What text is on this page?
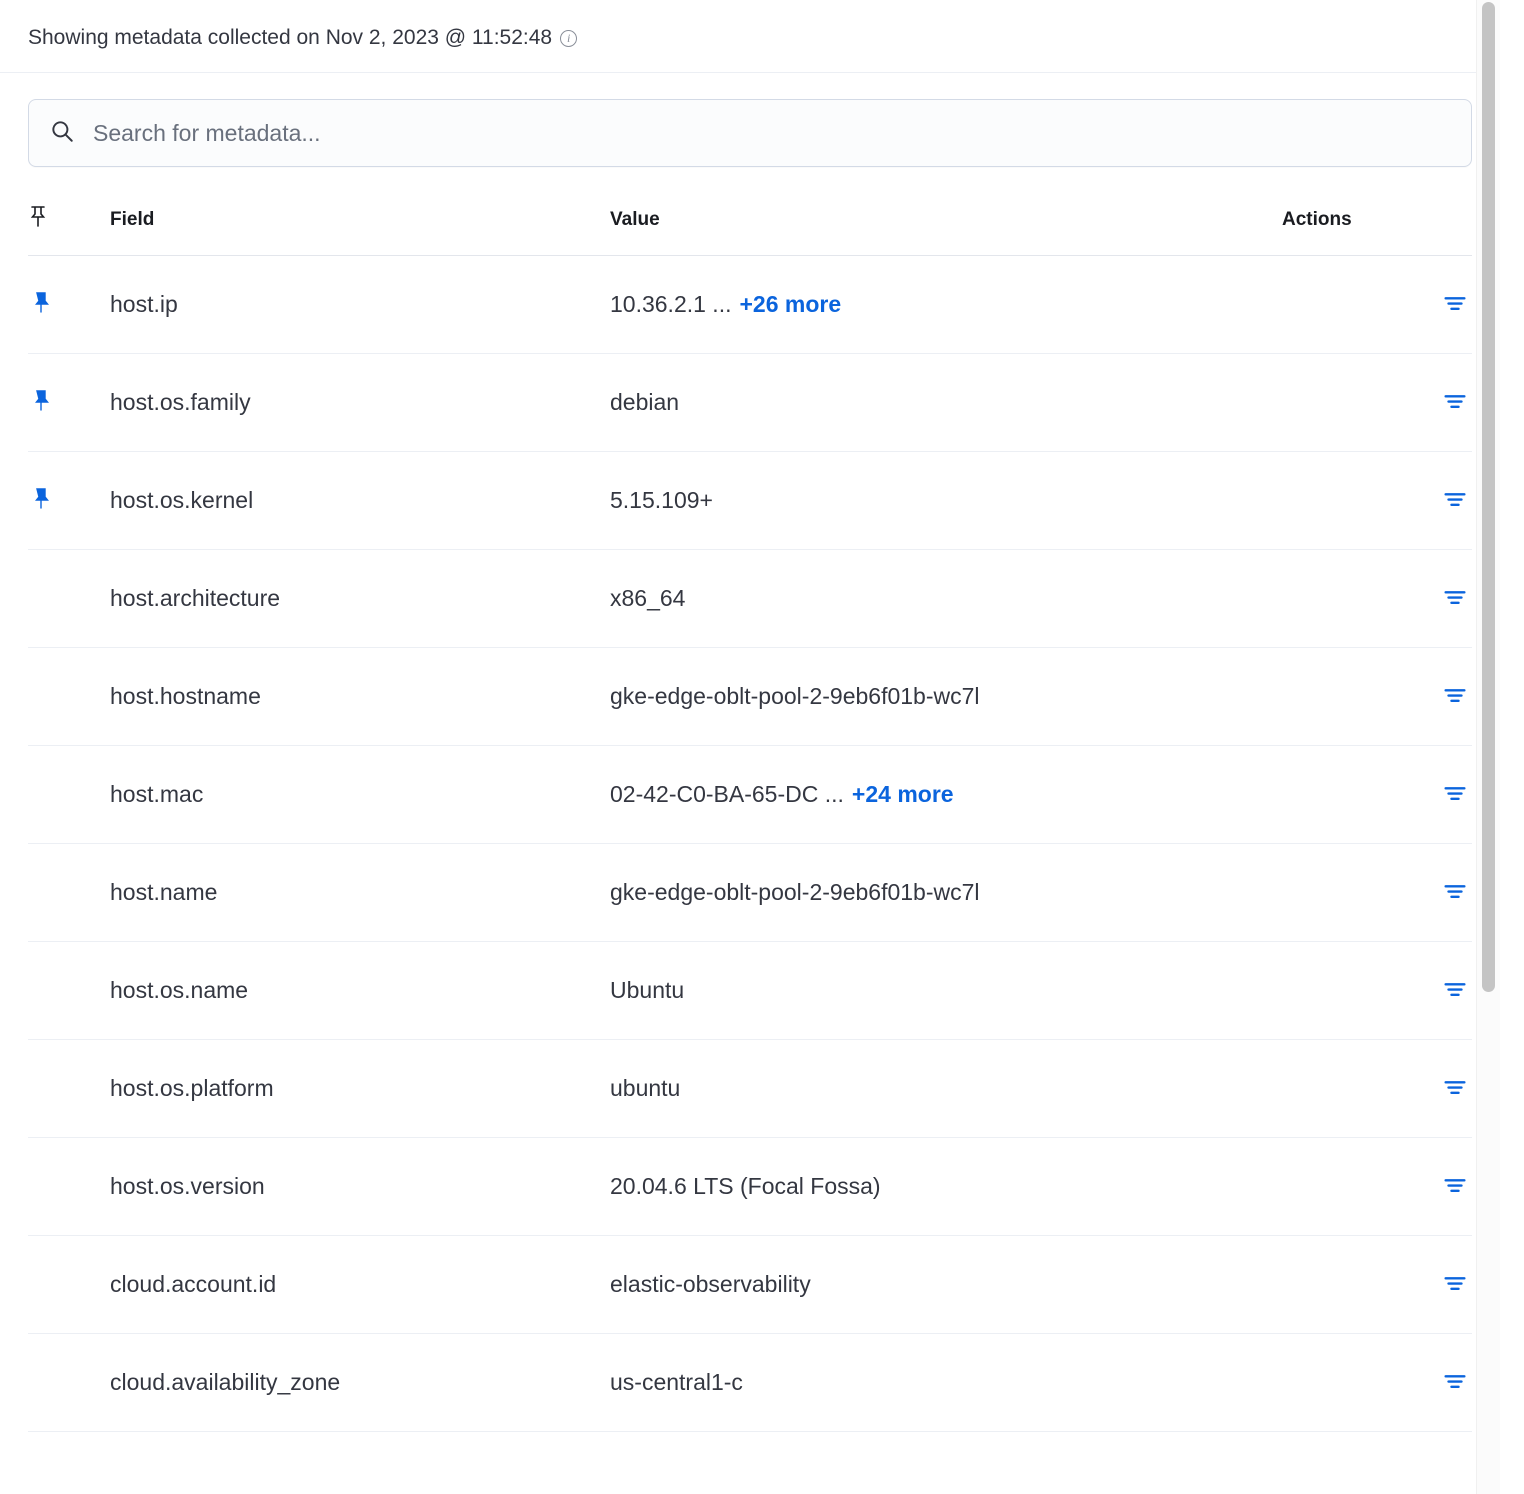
Showing metadata collected on Nov 2, 2023 @ 11:52:48	i
Search for metadata...
	Field	Value	Actions

	host.ip	10.36.2.1 ... +26 more	

	host.os.family	debian	

	host.os.kernel	5.15.109+	

	host.architecture	x86_64	

	host.hostname	gke-edge-oblt-pool-2-9eb6f01b-wc7l	

	host.mac	02-42-C0-BA-65-DC ... +24 more	

	host.name	gke-edge-oblt-pool-2-9eb6f01b-wc7l	

	host.os.name	Ubuntu	

	host.os.platform	ubuntu	

	host.os.version	20.04.6 LTS (Focal Fossa)	

	cloud.account.id	elastic-observability	

	cloud.availability_zone	us-central1-c	
